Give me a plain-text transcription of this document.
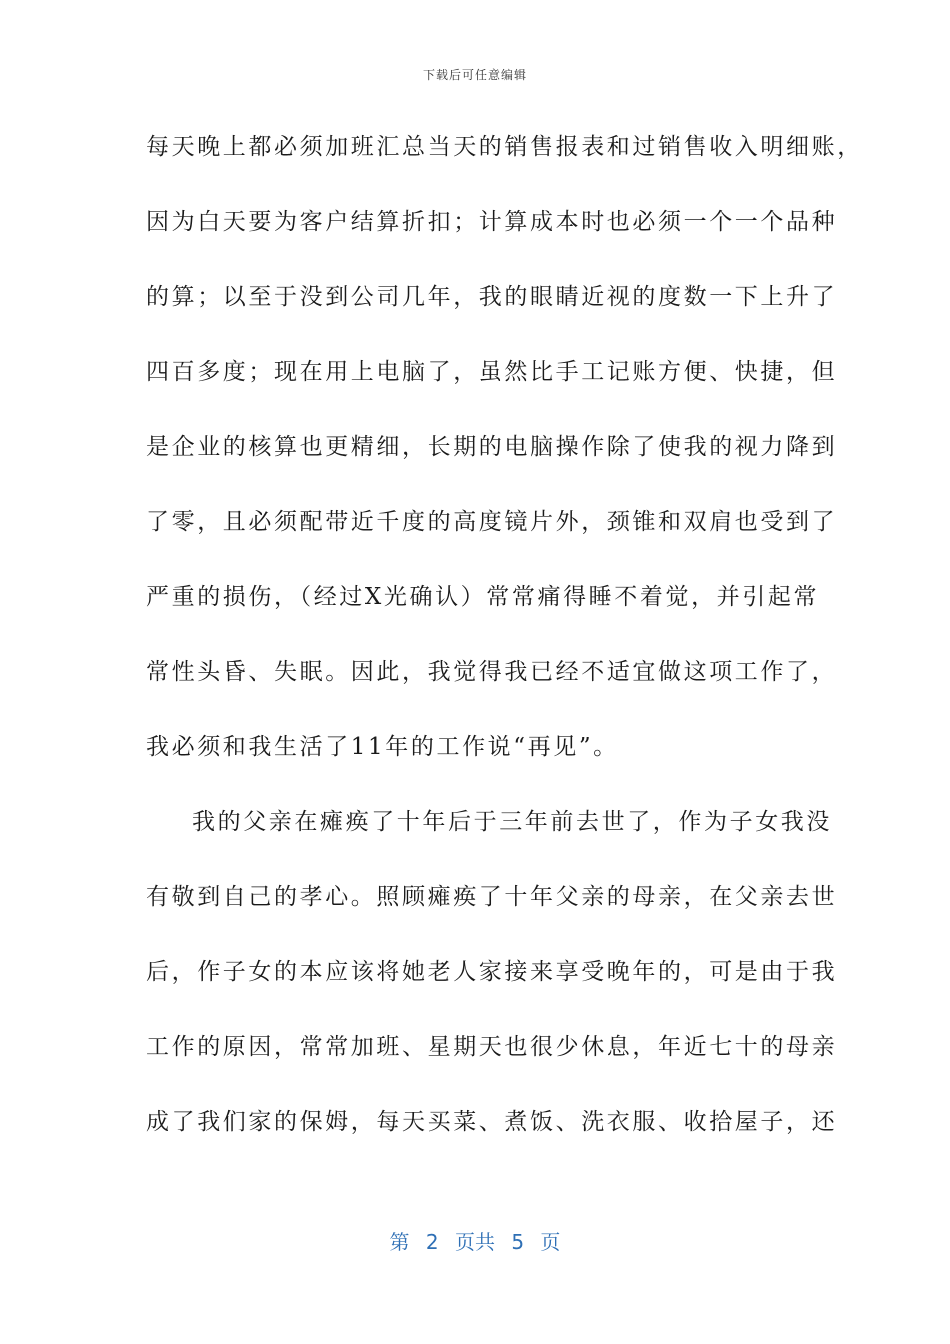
下载后可任意编辑
每天晚上都必须加班汇总当天的销售报表和过销售收入明细账，
因为白天要为客户结算折扣；计算成本时也必须一个一个品种
的算；以至于没到公司几年，我的眼睛近视的度数一下上升了
四百多度；现在用上电脑了，虽然比手工记账方便、快捷，但
是企业的核算也更精细，长期的电脑操作除了使我的视力降到
了零，且必须配带近千度的高度镜片外，颈锥和双肩也受到了
严重的损伤，（经过X光确认）常常痛得睡不着觉，并引起常
常性头昏、失眠。因此，我觉得我已经不适宜做这项工作了，
我必须和我生活了11年的工作说“再见”。
我的父亲在瘫痪了十年后于三年前去世了，作为子女我没
有敬到自己的孝心。照顾瘫痪了十年父亲的母亲，在父亲去世
后，作子女的本应该将她老人家接来享受晚年的，可是由于我
工作的原因，常常加班、星期天也很少休息，年近七十的母亲
成了我们家的保姆，每天买菜、煮饭、洗衣服、收拾屋子，还
第 2 页共 5 页
